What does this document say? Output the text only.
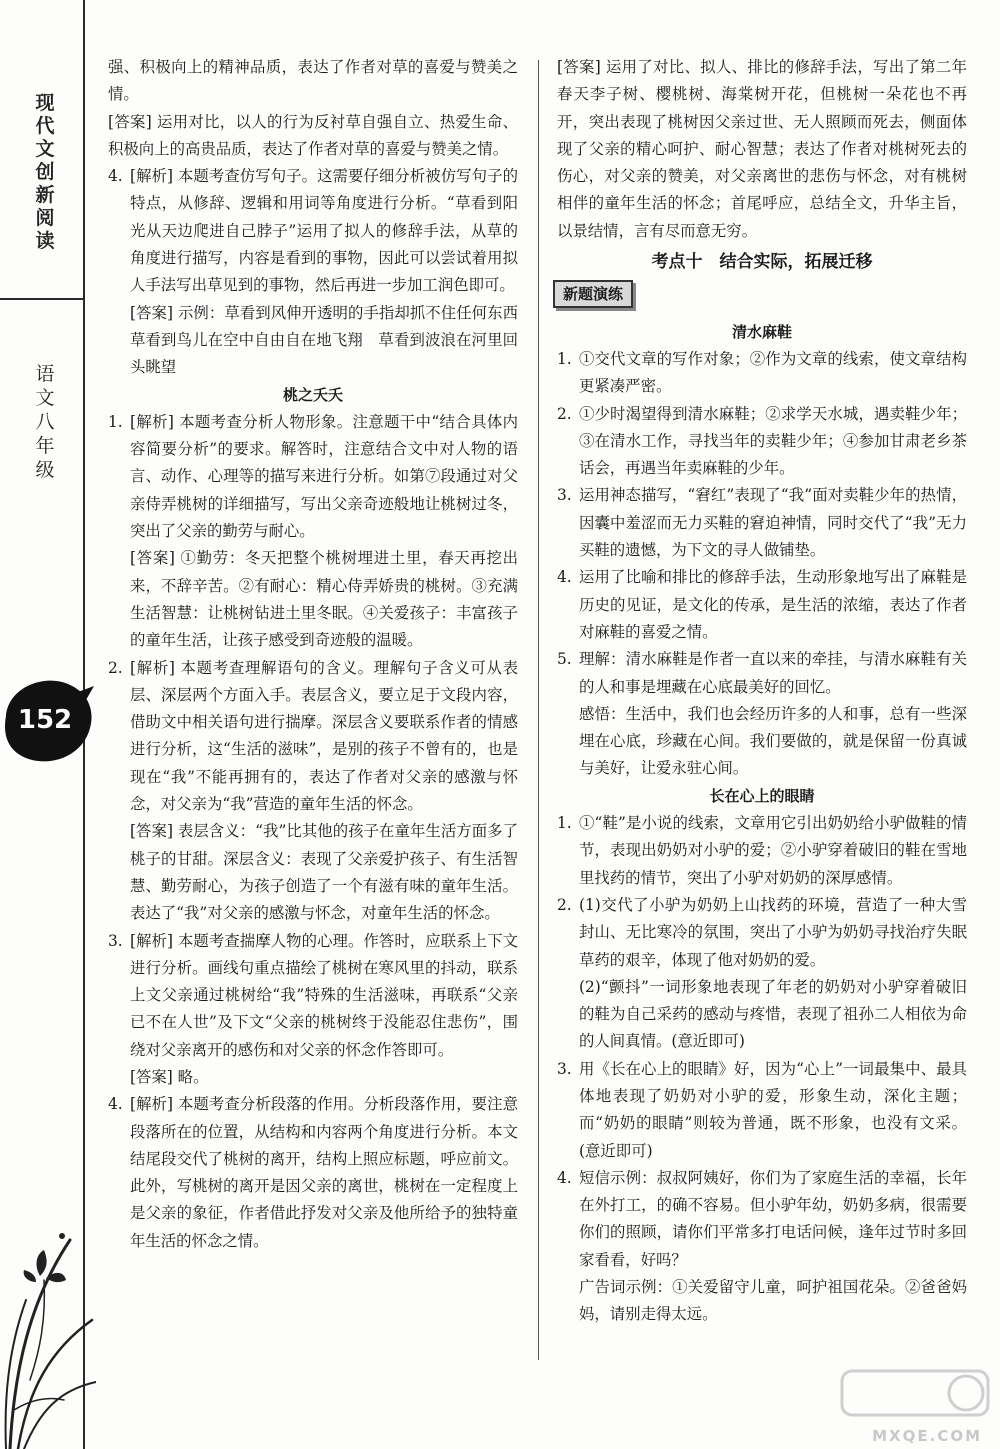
现代文创新阅读
语文八年级
152
强、积极向上的精神品质，表达了作者对草的喜爱与赞美之情。
[答案] 运用对比，以人的行为反衬草自强自立、热爱生命、积极向上的高贵品质，表达了作者对草的喜爱与赞美之情。
4. [解析] 本题考查仿写句子。这需要仔细分析被仿写句子的特点，从修辞、逻辑和用词等角度进行分析。“草看到阳光从天边爬进自己脖子”运用了拟人的修辞手法，从草的角度进行描写，内容是看到的事物，因此可以尝试着用拟人手法写出草见到的事物，然后再进一步加工润色即可。
[答案] 示例：草看到风伸开透明的手指却抓不住任何东西　草看到鸟儿在空中自由自在地飞翔　草看到波浪在河里回头眺望
桃之夭夭
1. [解析] 本题考查分析人物形象。注意题干中“结合具体内容简要分析”的要求。解答时，注意结合文中对人物的语言、动作、心理等的描写来进行分析。如第⑦段通过对父亲侍弄桃树的详细描写，写出父亲奇迹般地让桃树过冬，突出了父亲的勤劳与耐心。
[答案] ①勤劳：冬天把整个桃树埋进土里，春天再挖出来，不辞辛苦。②有耐心：精心侍弄娇贵的桃树。③充满生活智慧：让桃树钻进土里冬眠。④关爱孩子：丰富孩子的童年生活，让孩子感受到奇迹般的温暖。
2. [解析] 本题考查理解语句的含义。理解句子含义可从表层、深层两个方面入手。表层含义，要立足于文段内容，借助文中相关语句进行揣摩。深层含义要联系作者的情感进行分析，这“生活的滋味”，是别的孩子不曾有的，也是现在“我”不能再拥有的，表达了作者对父亲的感激与怀念，对父亲为“我”营造的童年生活的怀念。
[答案] 表层含义：“我”比其他的孩子在童年生活方面多了桃子的甘甜。深层含义：表现了父亲爱护孩子、有生活智慧、勤劳耐心，为孩子创造了一个有滋有味的童年生活。表达了“我”对父亲的感激与怀念，对童年生活的怀念。
3. [解析] 本题考查揣摩人物的心理。作答时，应联系上下文进行分析。画线句重点描绘了桃树在寒风里的抖动，联系上文父亲通过桃树给“我”特殊的生活滋味，再联系“父亲已不在人世”及下文“父亲的桃树终于没能忍住悲伤”，围绕对父亲离开的感伤和对父亲的怀念作答即可。
[答案] 略。
4. [解析] 本题考查分析段落的作用。分析段落作用，要注意段落所在的位置，从结构和内容两个角度进行分析。本文结尾段交代了桃树的离开，结构上照应标题，呼应前文。此外，写桃树的离开是因父亲的离世，桃树在一定程度上是父亲的象征，作者借此抒发对父亲及他所给予的独特童年生活的怀念之情。
[答案] 运用了对比、拟人、排比的修辞手法，写出了第二年春天李子树、樱桃树、海棠树开花，但桃树一朵花也不再开，突出表现了桃树因父亲过世、无人照顾而死去，侧面体现了父亲的精心呵护、耐心智慧；表达了作者对桃树死去的伤心，对父亲的赞美，对父亲离世的悲伤与怀念，对有桃树相伴的童年生活的怀念；首尾呼应，总结全文，升华主旨，以景结情，言有尽而意无穷。
考点十　结合实际，拓展迁移
新题演练
清水麻鞋
1. ①交代文章的写作对象；②作为文章的线索，使文章结构更紧凑严密。
2. ①少时渴望得到清水麻鞋；②求学天水城，遇卖鞋少年；③在清水工作，寻找当年的卖鞋少年；④参加甘肃老乡茶话会，再遇当年卖麻鞋的少年。
3. 运用神态描写，“窘红”表现了“我”面对卖鞋少年的热情，因囊中羞涩而无力买鞋的窘迫神情，同时交代了“我”无力买鞋的遗憾，为下文的寻人做铺垫。
4. 运用了比喻和排比的修辞手法，生动形象地写出了麻鞋是历史的见证，是文化的传承，是生活的浓缩，表达了作者对麻鞋的喜爱之情。
5. 理解：清水麻鞋是作者一直以来的牵挂，与清水麻鞋有关的人和事是埋藏在心底最美好的回忆。
感悟：生活中，我们也会经历许多的人和事，总有一些深埋在心底，珍藏在心间。我们要做的，就是保留一份真诚与美好，让爱永驻心间。
长在心上的眼睛
1. ①“鞋”是小说的线索，文章用它引出奶奶给小驴做鞋的情节，表现出奶奶对小驴的爱；②小驴穿着破旧的鞋在雪地里找药的情节，突出了小驴对奶奶的深厚感情。
2. (1)交代了小驴为奶奶上山找药的环境，营造了一种大雪封山、无比寒冷的氛围，突出了小驴为奶奶寻找治疗失眠草药的艰辛，体现了他对奶奶的爱。
(2)“颤抖”一词形象地表现了年老的奶奶对小驴穿着破旧的鞋为自己采药的感动与疼惜，表现了祖孙二人相依为命的人间真情。(意近即可)
3. 用《长在心上的眼睛》好，因为“心上”一词最集中、最具体地表现了奶奶对小驴的爱，形象生动，深化主题；而“奶奶的眼睛”则较为普通，既不形象，也没有文采。(意近即可)
4. 短信示例：叔叔阿姨好，你们为了家庭生活的幸福，长年在外打工，的确不容易。但小驴年幼，奶奶多病，很需要你们的照顾，请你们平常多打电话问候，逢年过节时多回家看看，好吗？
广告词示例：①关爱留守儿童，呵护祖国花朵。②爸爸妈妈，请别走得太远。
MXQE.COM
